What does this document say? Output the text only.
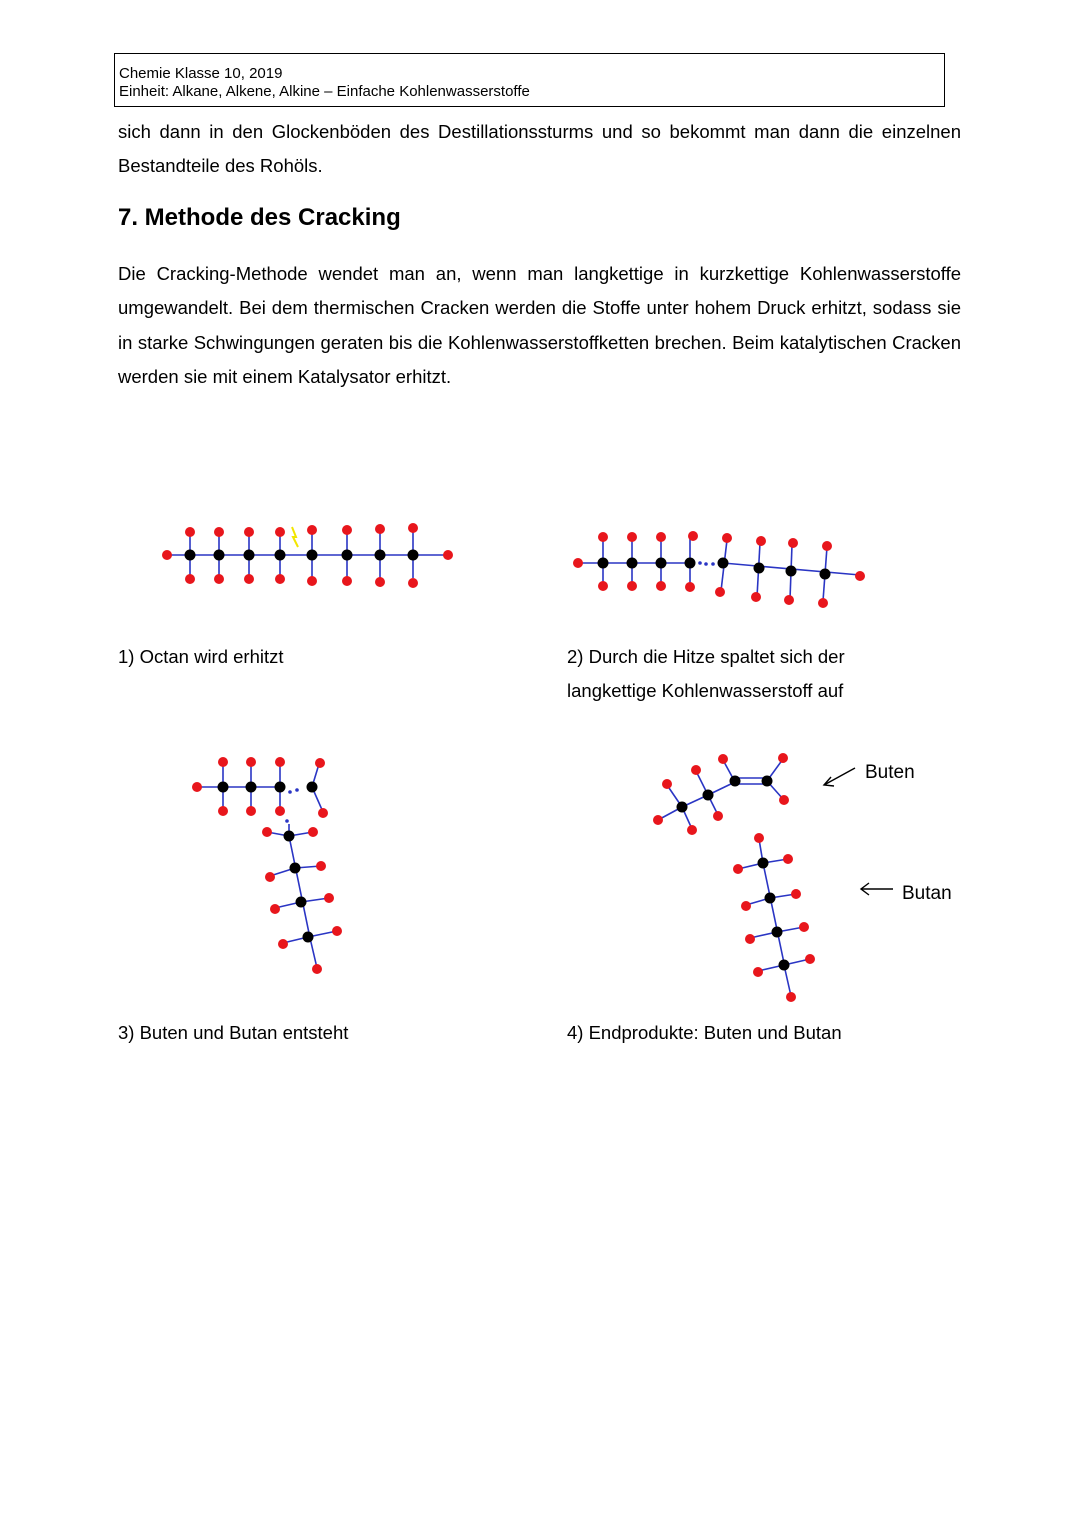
Chemie Klasse 10, 2019
Einheit: Alkane, Alkene, Alkine – Einfache Kohlenwasserstoffe

sich dann in den Glockenböden des Destillationssturms und so bekommt man dann die einzelnen Bestandteile des Rohöls.

7. Methode des Cracking

Die Cracking-Methode wendet man an, wenn man langkettige in kurzkettige Kohlenwasserstoffe umgewandelt. Bei dem thermischen Cracken werden die Stoffe unter hohem Druck erhitzt, sodass sie in starke Schwingungen geraten bis die Kohlenwasserstoffketten brechen. Beim katalytischen Cracken werden sie mit einem Katalysator erhitzt.

1) Octan wird erhitzt	2) Durch die Hitze spaltet sich der

langkettige Kohlenwasserstoff auf

3) Buten und Butan entsteht

Buten
Butan

4) Endprodukte: Buten und Butan
